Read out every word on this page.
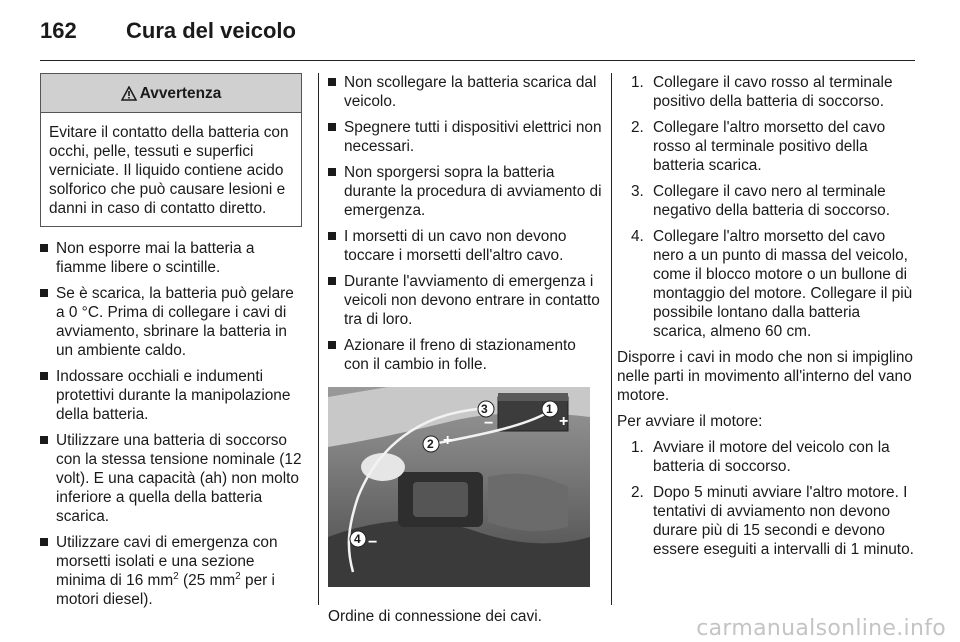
162 Cura del veicolo
Avvertenza
Evitare il contatto della batteria con occhi, pelle, tessuti e superfici verniciate. Il liquido contiene acido solforico che può causare lesioni e danni in caso di contatto diretto.
Non esporre mai la batteria a fiamme libere o scintille.
Se è scarica, la batteria può gelare a 0 °C. Prima di collegare i cavi di avviamento, sbrinare la batteria in un ambiente caldo.
Indossare occhiali e indumenti protettivi durante la manipolazione della batteria.
Utilizzare una batteria di soccorso con la stessa tensione nominale (12 volt). E una capacità (ah) non molto inferiore a quella della batteria scarica.
Utilizzare cavi di emergenza con morsetti isolati e una sezione minima di 16 $mm^2$ (25 $mm^2$ per i motori diesel).
Non scollegare la batteria scarica dal veicolo.
Spegnere tutti i dispositivi elettrici non necessari.
Non sporgersi sopra la batteria durante la procedura di avviamento di emergenza.
I morsetti di un cavo non devono toccare i morsetti dell'altro cavo.
Durante l'avviamento di emergenza i veicoli non devono entrare in contatto tra di loro.
Azionare il freno di stazionamento con il cambio in folle.
3	1
2
4
+
+
−
−
Ordine di connessione dei cavi.
1. Collegare il cavo rosso al terminale positivo della batteria di soccorso.
2. Collegare l'altro morsetto del cavo rosso al terminale positivo della batteria scarica.
3. Collegare il cavo nero al terminale negativo della batteria di soccorso.
4. Collegare l'altro morsetto del cavo nero a un punto di massa del veicolo, come il blocco motore o un bullone di montaggio del motore. Collegare il più possibile lontano dalla batteria scarica, almeno 60 cm.

Disporre i cavi in modo che non si impiglino nelle parti in movimento all'interno del vano motore.

Per avviare il motore:

1. Avviare il motore del veicolo con la batteria di soccorso.
2. Dopo 5 minuti avviare l'altro motore. I tentativi di avviamento non devono durare più di 15 secondi e devono essere eseguiti a intervalli di 1 minuto.
carmanualsonline.info
